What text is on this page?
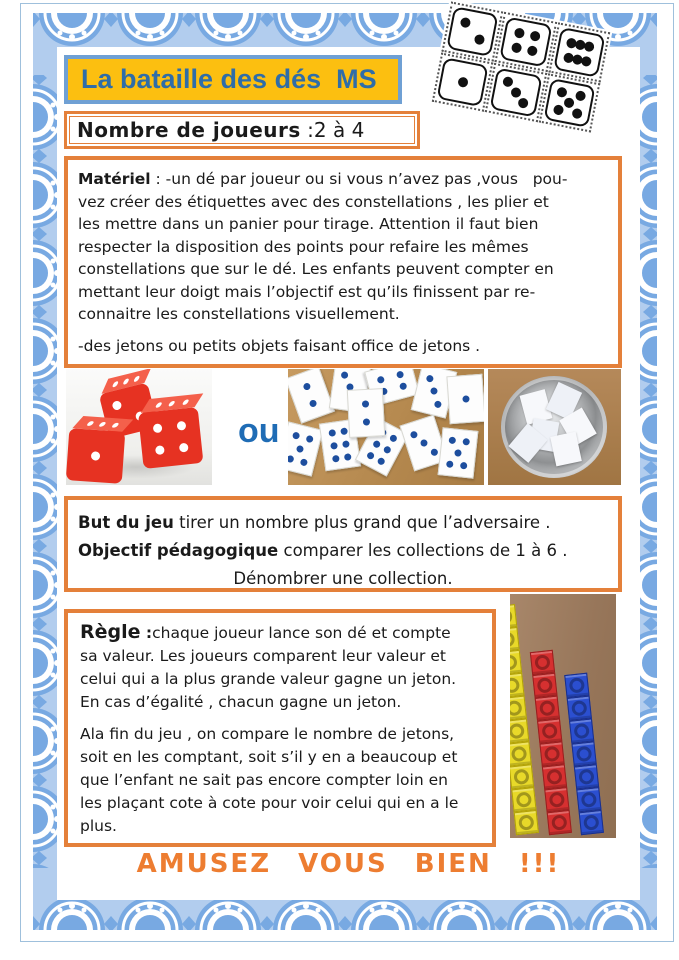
La bataille des dés  MS
Nombre de joueurs :2 à 4
Matériel : -un dé par joueur ou si vous n’avez pas ,vous   pou-
vez créer des étiquettes avec des constellations , les plier et
les mettre dans un panier pour tirage. Attention il faut bien
respecter la disposition des points pour refaire les mêmes
constellations que sur le dé. Les enfants peuvent compter en
mettant leur doigt mais l’objectif est qu’ils finissent par re-
connaitre les constellations visuellement.
-des jetons ou petits objets faisant office de jetons .
ou
But du jeu tirer un nombre plus grand que l’adversaire .
Objectif pédagogique comparer les collections de 1 à 6 .
Dénombrer une collection.
Règle :chaque joueur lance son dé et compte
sa valeur. Les joueurs comparent leur valeur et
celui qui a la plus grande valeur gagne un jeton.
En cas d’égalité , chacun gagne un jeton.
Ala fin du jeu , on compare le nombre de jetons,
soit en les comptant, soit s’il y en a beaucoup et
que l’enfant ne sait pas encore compter loin en
les plaçant cote à cote pour voir celui qui en a le
plus.
AMUSEZ VOUS BIEN !!!
